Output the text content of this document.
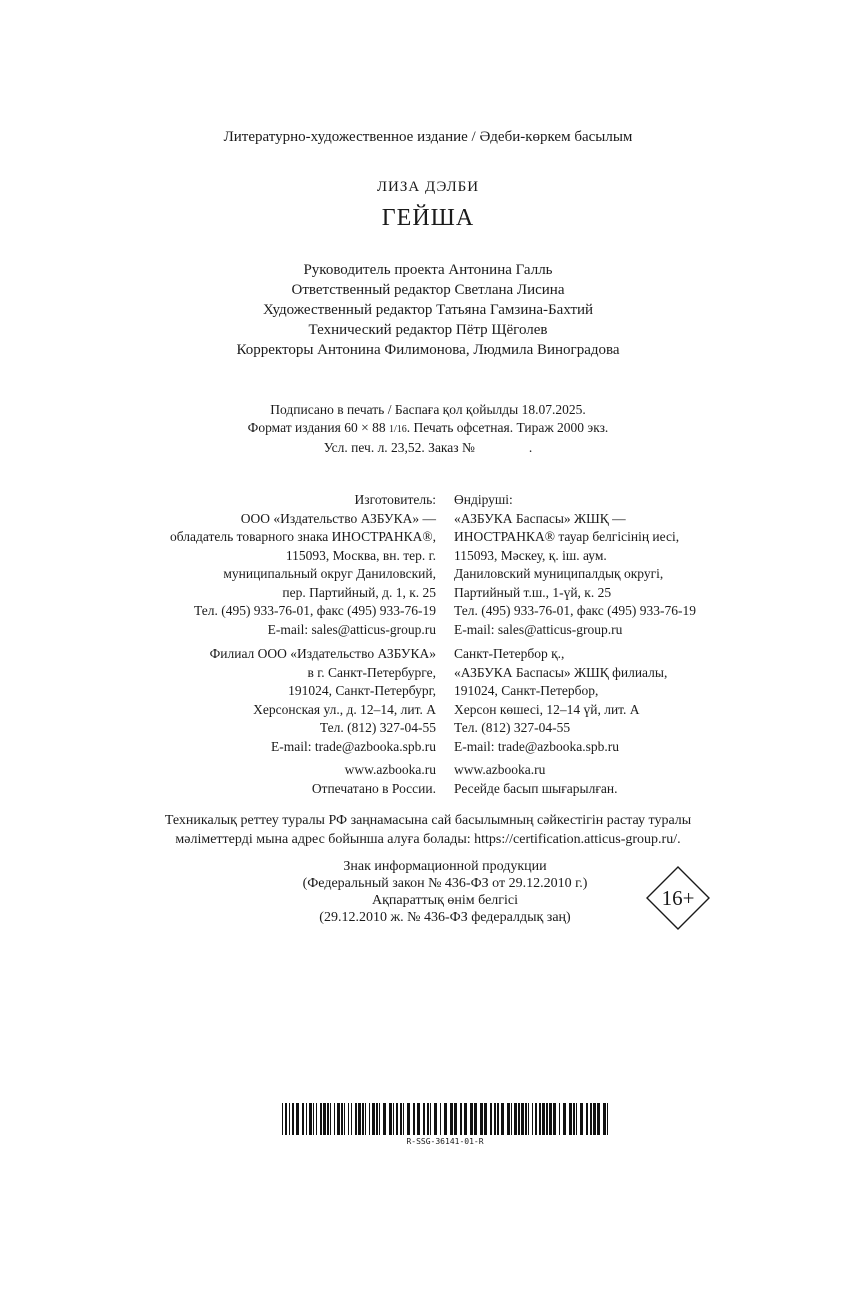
Литературно-художественное издание / Әдеби-көркем басылым
ЛИЗА ДЭЛБИ
ГЕЙША
Руководитель проекта Антонина Галль
Ответственный редактор Светлана Лисина
Художественный редактор Татьяна Гамзина-Бахтий
Технический редактор Пётр Щёголев
Корректоры Антонина Филимонова, Людмила Виноградова
Подписано в печать / Баспаға қол қойылды 18.07.2025.
Формат издания 60 × 88 1/16. Печать офсетная. Тираж 2000 экз.
Усл. печ. л. 23,52. Заказ №                .
Изготовитель:
ООО «Издательство АЗБУКА» —
обладатель товарного знака ИНОСТРАНКА®,
115093, Москва, вн. тер. г.
муниципальный округ Даниловский,
пер. Партийный, д. 1, к. 25
Тел. (495) 933-76-01, факс (495) 933-76-19
E-mail: sales@atticus-group.ru
Филиал ООО «Издательство АЗБУКА»
в г. Санкт-Петербурге,
191024, Санкт-Петербург,
Херсонская ул., д. 12–14, лит. А
Тел. (812) 327-04-55
E-mail: trade@azbooka.spb.ru
www.azbooka.ru
Отпечатано в России.
Өндіруші:
«АЗБУКА Баспасы» ЖШҚ —
ИНОСТРАНКА® тауар белгісінің иесі,
115093, Мәскеу, қ. іш. аум.
Даниловский муниципалдық округі,
Партийный т.ш., 1-үй, к. 25
Тел. (495) 933-76-01, факс (495) 933-76-19
E-mail: sales@atticus-group.ru
Санкт-Петербор қ.,
«АЗБУКА Баспасы» ЖШҚ филиалы,
191024, Санкт-Петербор,
Херсон көшесі, 12–14 үй, лит. А
Тел. (812) 327-04-55
E-mail: trade@azbooka.spb.ru
www.azbooka.ru
Ресейде басып шығарылған.
Техникалық реттеу туралы РФ заңнамасына сай басылымның сәйкестігін растау туралы
мәліметтерді мына адрес бойынша алуға болады: https://certification.atticus-group.ru/.
Знак информационной продукции
(Федеральный закон № 436-ФЗ от 29.12.2010 г.)
Ақпараттық өнім белгісі
(29.12.2010 ж. № 436-ФЗ федералдық заң)
16+
R-SSG-36141-01-R
